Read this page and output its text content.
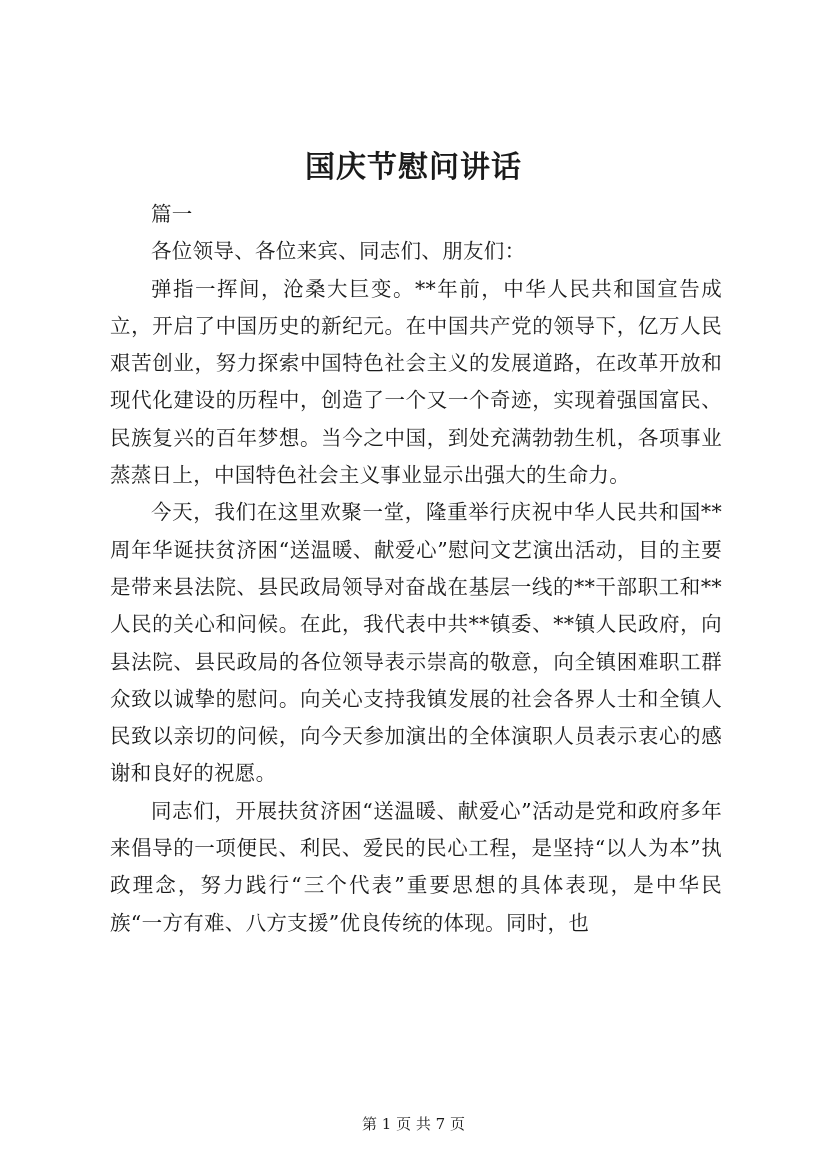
国庆节慰问讲话

篇一

各位领导、各位来宾、同志们、朋友们：

弹指一挥间，沧桑大巨变。**年前，中华人民共和国宣告成立，开启了中国历史的新纪元。在中国共产党的领导下，亿万人民艰苦创业，努力探索中国特色社会主义的发展道路，在改革开放和现代化建设的历程中，创造了一个又一个奇迹，实现着强国富民、民族复兴的百年梦想。当今之中国，到处充满勃勃生机，各项事业蒸蒸日上，中国特色社会主义事业显示出强大的生命力。

今天，我们在这里欢聚一堂，隆重举行庆祝中华人民共和国**周年华诞扶贫济困“送温暖、献爱心”慰问文艺演出活动，目的主要是带来县法院、县民政局领导对奋战在基层一线的**干部职工和**人民的关心和问候。在此，我代表中共**镇委、**镇人民政府，向县法院、县民政局的各位领导表示崇高的敬意，向全镇困难职工群众致以诚挚的慰问。向关心支持我镇发展的社会各界人士和全镇人民致以亲切的问候，向今天参加演出的全体演职人员表示衷心的感谢和良好的祝愿。

同志们，开展扶贫济困“送温暖、献爱心”活动是党和政府多年来倡导的一项便民、利民、爱民的民心工程，是坚持“以人为本”执政理念，努力践行“三个代表”重要思想的具体表现，是中华民族“一方有难、八方支援”优良传统的体现。同时，也

第 1 页 共 7 页
